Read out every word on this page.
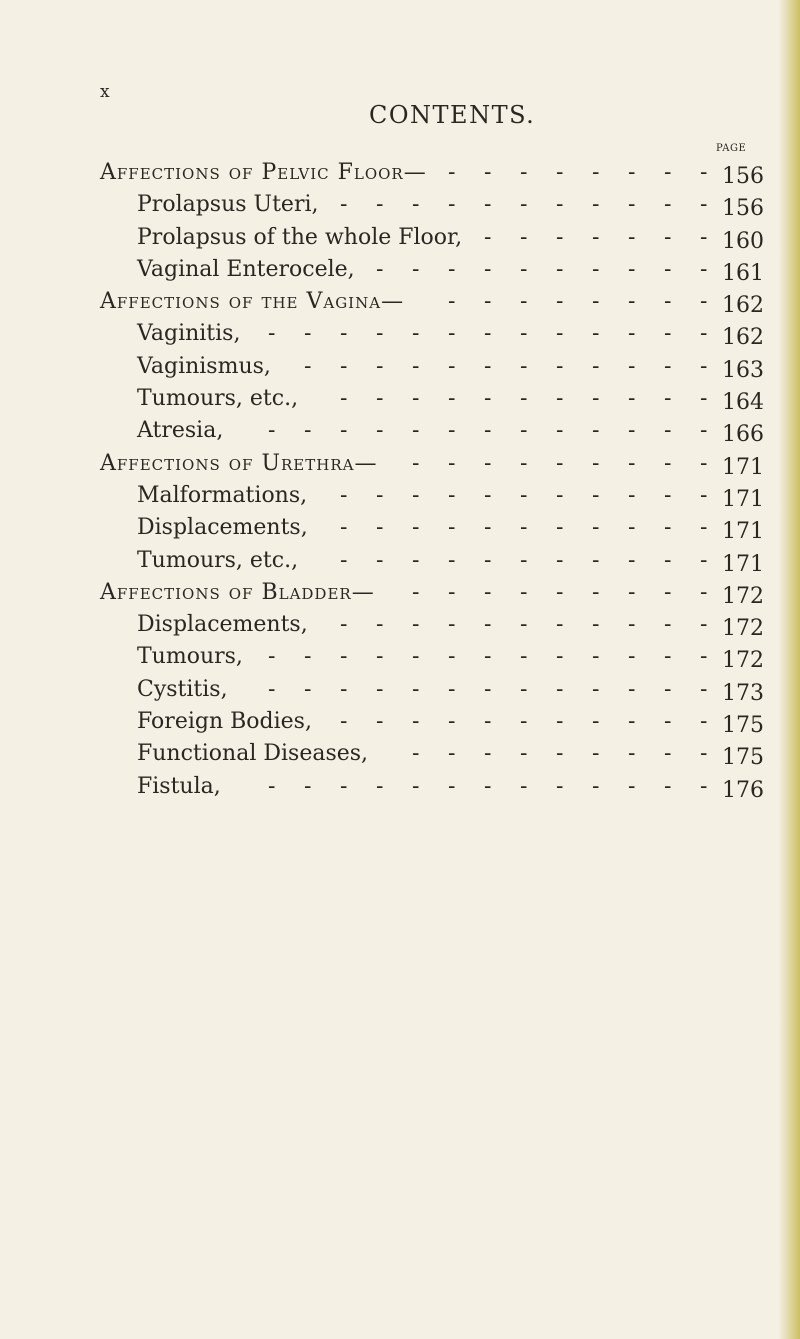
x
CONTENTS.
PAGE
Affections of Pelvic Floor— - - - - - - - - 156
Prolapsus Uteri, - - - - - - - - - - - 156
Prolapsus of the whole Floor, - - - - - - - 160
Vaginal Enterocele, - - - - - - - - - - 161
Affections of the Vagina— - - - - - - - - 162
Vaginitis, - - - - - - - - - - - - - 162
Vaginismus, - - - - - - - - - - - - 163
Tumours, etc., - - - - - - - - - - - 164
Atresia, - - - - - - - - - - - - - 166
Affections of Urethra— - - - - - - - - - 171
Malformations, - - - - - - - - - - - 171
Displacements, - - - - - - - - - - - 171
Tumours, etc., - - - - - - - - - - - 171
Affections of Bladder— - - - - - - - - - 172
Displacements, - - - - - - - - - - - 172
Tumours, - - - - - - - - - - - - - 172
Cystitis, - - - - - - - - - - - - - 173
Foreign Bodies, - - - - - - - - - - - 175
Functional Diseases, - - - - - - - - - 175
Fistula, - - - - - - - - - - - - - 176
